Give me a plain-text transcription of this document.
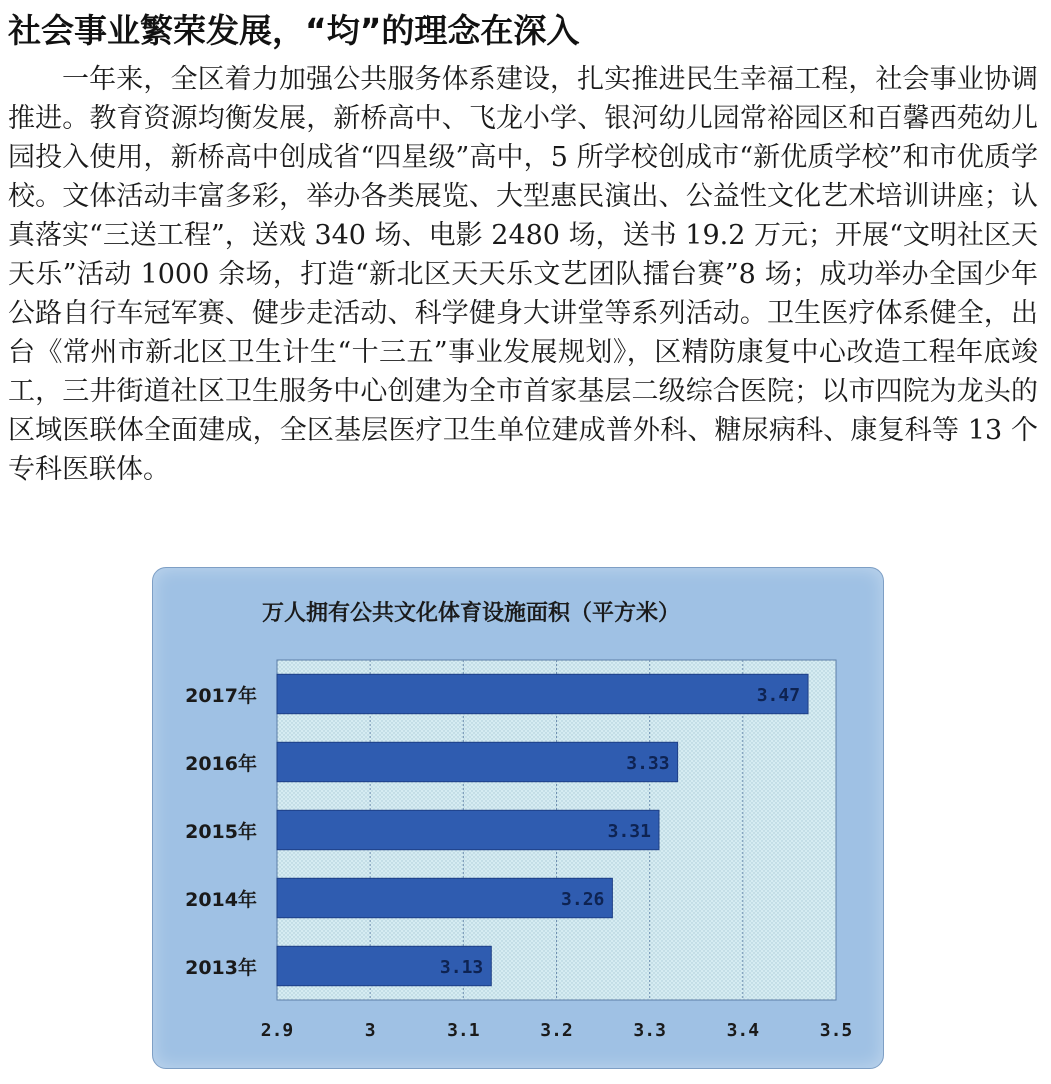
社会事业繁荣发展，“均”的理念在深入

一年来，全区着力加强公共服务体系建设，扎实推进民生幸福工程，社会事业协调推进。教育资源均衡发展，新桥高中、飞龙小学、银河幼儿园常裕园区和百馨西苑幼儿园投入使用，新桥高中创成省“四星级”高中，5 所学校创成市“新优质学校”和市优质学校。文体活动丰富多彩，举办各类展览、大型惠民演出、公益性文化艺术培训讲座；认真落实“三送工程”，送戏 340 场、电影 2480 场，送书 19.2 万元；开展“文明社区天天乐”活动 1000 余场，打造“新北区天天乐文艺团队擂台赛”8 场；成功举办全国少年公路自行车冠军赛、健步走活动、科学健身大讲堂等系列活动。卫生医疗体系健全，出台《常州市新北区卫生计生“十三五”事业发展规划》，区精防康复中心改造工程年底竣工，三井街道社区卫生服务中心创建为全市首家基层二级综合医院；以市四院为龙头的区域医联体全面建成，全区基层医疗卫生单位建成普外科、糖尿病科、康复科等 13 个专科医联体。

万人拥有公共文化体育设施面积（平方米）
2.9	3	3.1	3.2	3.3	3.4	3.5
2017年	3.47
2016年	3.33
2015年	3.31
2014年	3.26
2013年	3.13
